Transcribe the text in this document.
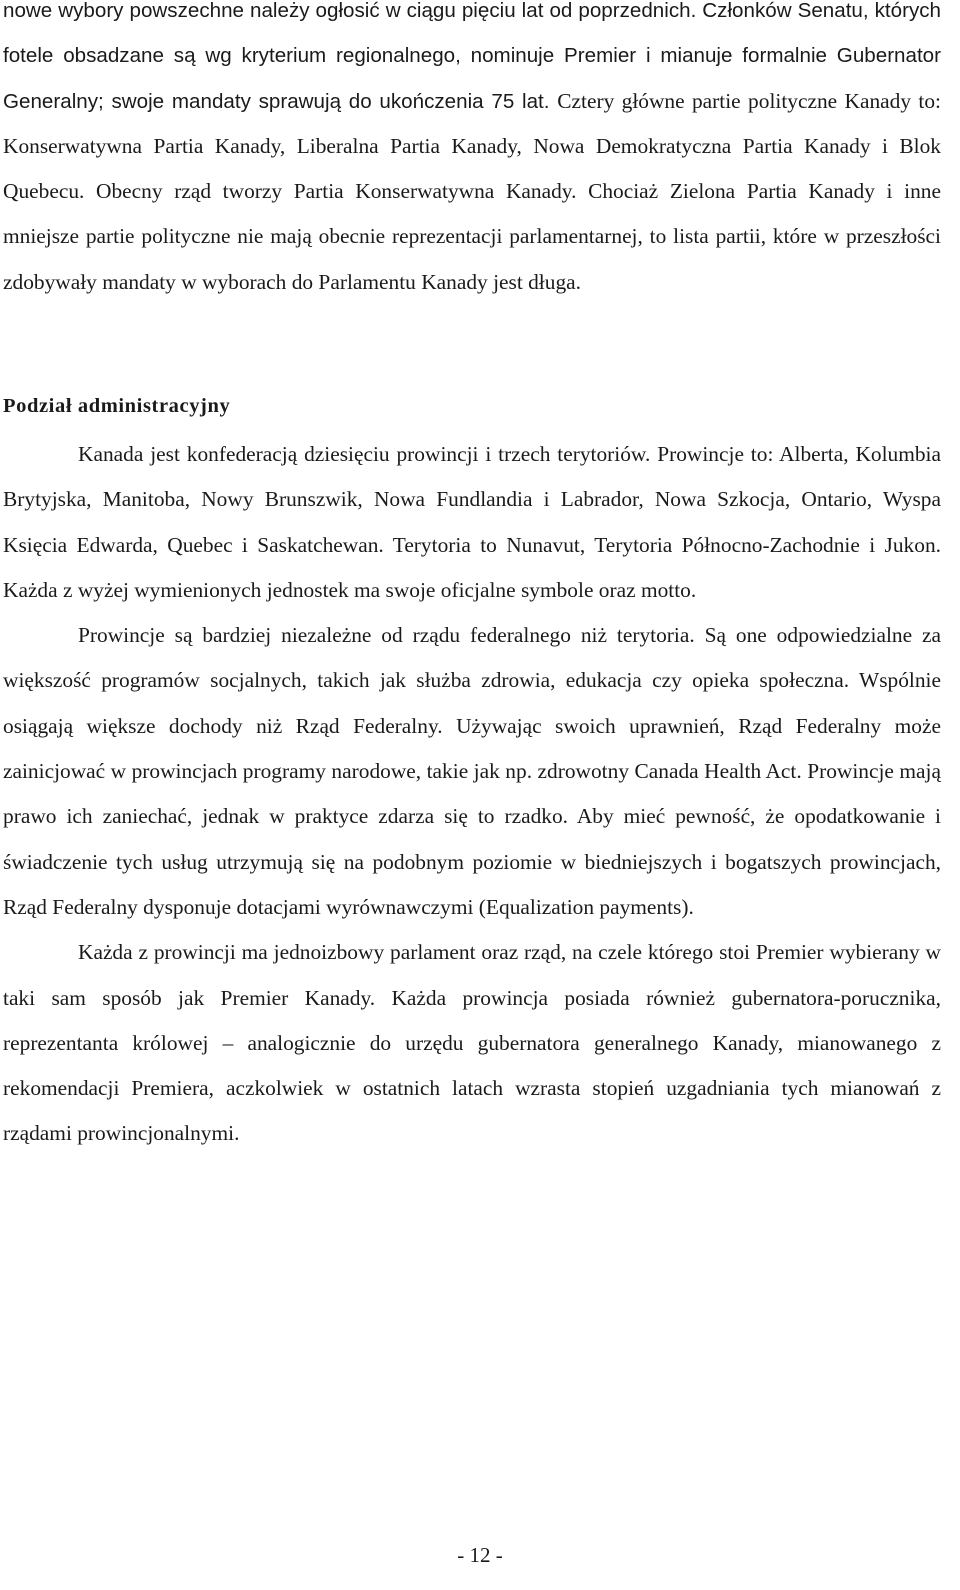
nowe wybory powszechne należy ogłosić w ciągu pięciu lat od poprzednich. Członków Senatu, których fotele obsadzane są wg kryterium regionalnego, nominuje Premier i mianuje formalnie Gubernator Generalny; swoje mandaty sprawują do ukończenia 75 lat. Cztery główne partie polityczne Kanady to: Konserwatywna Partia Kanady, Liberalna Partia Kanady, Nowa Demokratyczna Partia Kanady i Blok Quebecu. Obecny rząd tworzy Partia Konserwatywna Kanady. Chociaż Zielona Partia Kanady i inne mniejsze partie polityczne nie mają obecnie reprezentacji parlamentarnej, to lista partii, które w przeszłości zdobywały mandaty w wyborach do Parlamentu Kanady jest długa.

Podział administracyjny

Kanada jest konfederacją dziesięciu prowincji i trzech terytoriów. Prowincje to: Alberta, Kolumbia Brytyjska, Manitoba, Nowy Brunszwik, Nowa Fundlandia i Labrador, Nowa Szkocja, Ontario, Wyspa Księcia Edwarda, Quebec i Saskatchewan. Terytoria to Nunavut, Terytoria Północno-Zachodnie i Jukon. Każda z wyżej wymienionych jednostek ma swoje oficjalne symbole oraz motto.

Prowincje są bardziej niezależne od rządu federalnego niż terytoria. Są one odpowiedzialne za większość programów socjalnych, takich jak służba zdrowia, edukacja czy opieka społeczna. Wspólnie osiągają większe dochody niż Rząd Federalny. Używając swoich uprawnień, Rząd Federalny może zainicjować w prowincjach programy narodowe, takie jak np. zdrowotny Canada Health Act. Prowincje mają prawo ich zaniechać, jednak w praktyce zdarza się to rzadko. Aby mieć pewność, że opodatkowanie i świadczenie tych usług utrzymują się na podobnym poziomie w biedniejszych i bogatszych prowincjach, Rząd Federalny dysponuje dotacjami wyrównawczymi (Equalization payments).

Każda z prowincji ma jednoizbowy parlament oraz rząd, na czele którego stoi Premier wybierany w taki sam sposób jak Premier Kanady. Każda prowincja posiada również gubernatora-porucznika, reprezentanta królowej – analogicznie do urzędu gubernatora generalnego Kanady, mianowanego z rekomendacji Premiera, aczkolwiek w ostatnich latach wzrasta stopień uzgadniania tych mianowań z rządami prowincjonalnymi.

- 12 -
